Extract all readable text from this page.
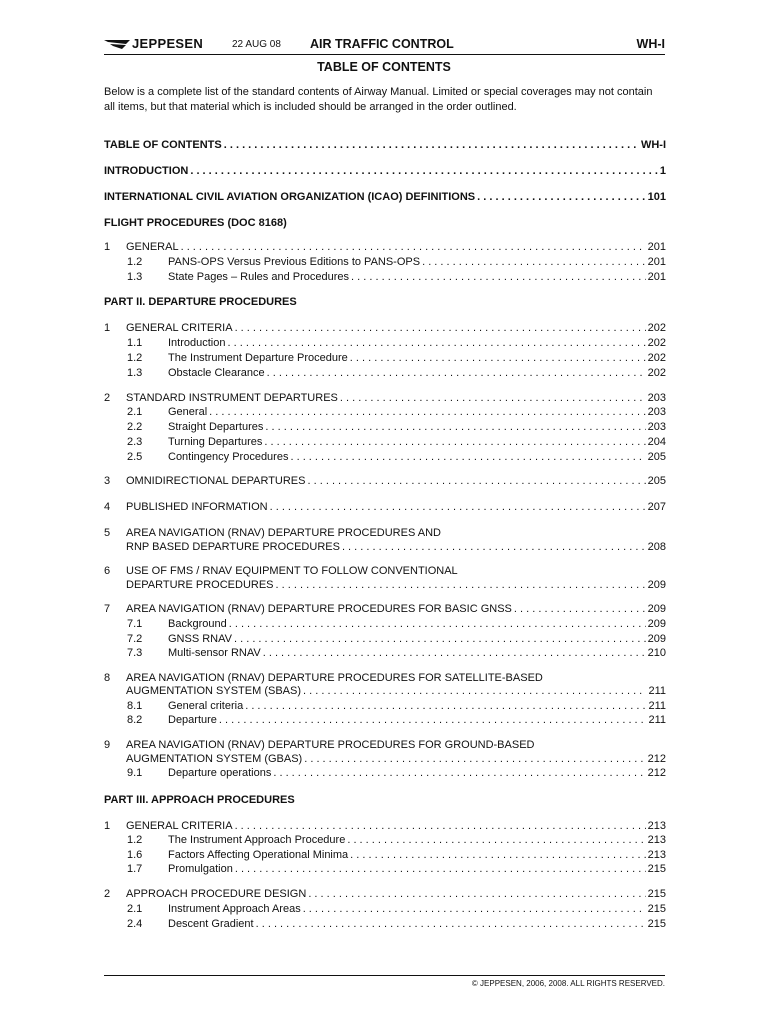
JEPPESEN	22 AUG 08 AIR TRAFFIC CONTROL	WH-I
TABLE OF CONTENTS
Below is a complete list of the standard contents of Airway Manual. Limited or special coverages may not contain all items, but that material which is included should be arranged in the order outlined.
TABLE OF CONTENTS . . .	WH-I
INTRODUCTION . . .	1
INTERNATIONAL CIVIL AVIATION ORGANIZATION (ICAO) DEFINITIONS . . .	101
FLIGHT PROCEDURES (DOC 8168)
1 GENERAL . . .	201
1.2 PANS-OPS Versus Previous Editions to PANS-OPS . . .	201
1.3 State Pages – Rules and Procedures . . .	201
PART II. DEPARTURE PROCEDURES
1 GENERAL CRITERIA . . .	202
1.1 Introduction . . .	202
1.2 The Instrument Departure Procedure . . .	202
1.3 Obstacle Clearance . . .	202
2 STANDARD INSTRUMENT DEPARTURES . . .	203
2.1 General . . .	203
2.2 Straight Departures . . .	203
2.3 Turning Departures . . .	204
2.5 Contingency Procedures . . .	205
3 OMNIDIRECTIONAL DEPARTURES . . .	205
4 PUBLISHED INFORMATION . . .	207
5 AREA NAVIGATION (RNAV) DEPARTURE PROCEDURES AND
RNP BASED DEPARTURE PROCEDURES . . .	208
6 USE OF FMS / RNAV EQUIPMENT TO FOLLOW CONVENTIONAL
DEPARTURE PROCEDURES . . .	209
7 AREA NAVIGATION (RNAV) DEPARTURE PROCEDURES FOR BASIC GNSS . . .	209
7.1 Background . . .	209
7.2 GNSS RNAV . . .	209
7.3 Multi-sensor RNAV . . .	210
8 AREA NAVIGATION (RNAV) DEPARTURE PROCEDURES FOR SATELLITE-BASED
AUGMENTATION SYSTEM (SBAS) . . .	211
8.1 General criteria . . .	211
8.2 Departure . . .	211
9 AREA NAVIGATION (RNAV) DEPARTURE PROCEDURES FOR GROUND-BASED
AUGMENTATION SYSTEM (GBAS) . . .	212
9.1 Departure operations . . .	212
PART III. APPROACH PROCEDURES
1 GENERAL CRITERIA . . .	213
1.2 The Instrument Approach Procedure . . .	213
1.6 Factors Affecting Operational Minima . . .	213
1.7 Promulgation . . .	215
2 APPROACH PROCEDURE DESIGN . . .	215
2.1 Instrument Approach Areas . . .	215
2.4 Descent Gradient . . .	215
© JEPPESEN, 2006, 2008. ALL RIGHTS RESERVED.
